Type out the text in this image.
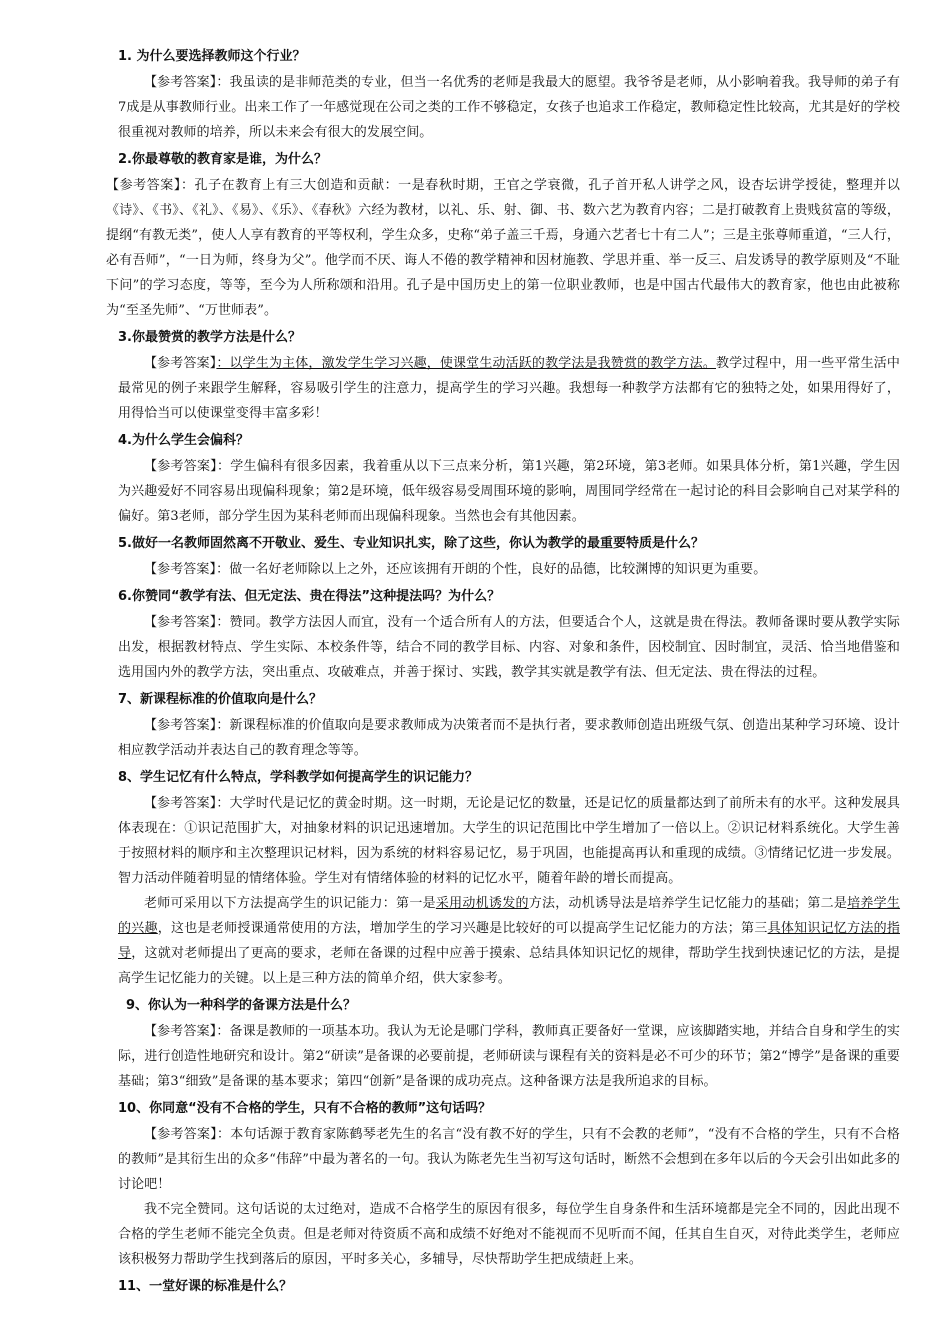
1. 为什么要选择教师这个行业？

【参考答案】：我虽读的是非师范类的专业，但当一名优秀的老师是我最大的愿望。我爷爷是老师，从小影响着我。我导师的弟子有7成是从事教师行业。出来工作了一年感觉现在公司之类的工作不够稳定，女孩子也追求工作稳定，教师稳定性比较高，尤其是好的学校很重视对教师的培养，所以未来会有很大的发展空间。

2.你最尊敬的教育家是谁，为什么？

【参考答案】：孔子在教育上有三大创造和贡献：一是春秋时期，王官之学衰微，孔子首开私人讲学之风，设杏坛讲学授徒，整理并以《诗》、《书》、《礼》、《易》、《乐》、《春秋》六经为教材，以礼、乐、射、御、书、数六艺为教育内容；二是打破教育上贵贱贫富的等级，提纲“有教无类”，使人人享有教育的平等权利，学生众多，史称“弟子盖三千焉，身通六艺者七十有二人”；三是主张尊师重道，“三人行，必有吾师”，“一日为师，终身为父”。他学而不厌、诲人不倦的教学精神和因材施教、学思并重、举一反三、启发诱导的教学原则及“不耻下问”的学习态度，等等，至今为人所称颂和沿用。孔子是中国历史上的第一位职业教师，也是中国古代最伟大的教育家，他也由此被称为“至圣先师”、“万世师表”。

3.你最赞赏的教学方法是什么？

【参考答案】：以学生为主体，激发学生学习兴趣，使课堂生动活跃的教学法是我赞赏的教学方法。教学过程中，用一些平常生活中最常见的例子来跟学生解释，容易吸引学生的注意力，提高学生的学习兴趣。我想每一种教学方法都有它的独特之处，如果用得好了，用得恰当可以使课堂变得丰富多彩！

4.为什么学生会偏科？

【参考答案】：学生偏科有很多因素，我着重从以下三点来分析，第1兴趣，第2环境，第3老师。如果具体分析，第1兴趣，学生因为兴趣爱好不同容易出现偏科现象；第2是环境，低年级容易受周围环境的影响，周围同学经常在一起讨论的科目会影响自己对某学科的偏好。第3老师，部分学生因为某科老师而出现偏科现象。当然也会有其他因素。

5.做好一名教师固然离不开敬业、爱生、专业知识扎实，除了这些，你认为教学的最重要特质是什么？

【参考答案】：做一名好老师除以上之外，还应该拥有开朗的个性，良好的品德，比较渊博的知识更为重要。

6.你赞同“教学有法、但无定法、贵在得法”这种提法吗？为什么？

【参考答案】：赞同。教学方法因人而宜，没有一个适合所有人的方法，但要适合个人，这就是贵在得法。教师备课时要从教学实际出发，根据教材特点、学生实际、本校条件等，结合不同的教学目标、内容、对象和条件，因校制宜、因时制宜，灵活、恰当地借鉴和选用国内外的教学方法，突出重点、攻破难点，并善于探讨、实践，教学其实就是教学有法、但无定法、贵在得法的过程。

7、新课程标准的价值取向是什么？

【参考答案】：新课程标准的价值取向是要求教师成为决策者而不是执行者，要求教师创造出班级气氛、创造出某种学习环境、设计相应教学活动并表达自己的教育理念等等。

8、学生记忆有什么特点，学科教学如何提高学生的识记能力？

【参考答案】：大学时代是记忆的黄金时期。这一时期，无论是记忆的数量，还是记忆的质量都达到了前所未有的水平。这种发展具体表现在：①识记范围扩大，对抽象材料的识记迅速增加。大学生的识记范围比中学生增加了一倍以上。②识记材料系统化。大学生善于按照材料的顺序和主次整理识记材料，因为系统的材料容易记忆，易于巩固，也能提高再认和重现的成绩。③情绪记忆进一步发展。智力活动伴随着明显的情绪体验。学生对有情绪体验的材料的记忆水平，随着年龄的增长而提高。

老师可采用以下方法提高学生的识记能力：第一是采用动机诱发的方法，动机诱导法是培养学生记忆能力的基础；第二是培养学生的兴趣，这也是老师授课通常使用的方法，增加学生的学习兴趣是比较好的可以提高学生记忆能力的方法；第三具体知识记忆方法的指导，这就对老师提出了更高的要求，老师在备课的过程中应善于摸索、总结具体知识记忆的规律，帮助学生找到快速记忆的方法，是提高学生记忆能力的关键。以上是三种方法的简单介绍，供大家参考。

9、你认为一种科学的备课方法是什么？

【参考答案】：备课是教师的一项基本功。我认为无论是哪门学科，教师真正要备好一堂课，应该脚踏实地，并结合自身和学生的实际，进行创造性地研究和设计。第2“研读”是备课的必要前提，老师研读与课程有关的资料是必不可少的环节；第2“博学”是备课的重要基础；第3“细致”是备课的基本要求；第四“创新”是备课的成功亮点。这种备课方法是我所追求的目标。

10、你同意“没有不合格的学生，只有不合格的教师”这句话吗？

【参考答案】：本句话源于教育家陈鹤琴老先生的名言“没有教不好的学生，只有不会教的老师”，“没有不合格的学生，只有不合格的教师”是其衍生出的众多“伟辞”中最为著名的一句。我认为陈老先生当初写这句话时，断然不会想到在多年以后的今天会引出如此多的讨论吧！

我不完全赞同。这句话说的太过绝对，造成不合格学生的原因有很多，每位学生自身条件和生活环境都是完全不同的，因此出现不合格的学生老师不能完全负责。但是老师对待资质不高和成绩不好绝对不能视而不见听而不闻，任其自生自灭，对待此类学生，老师应该积极努力帮助学生找到落后的原因，平时多关心，多辅导，尽快帮助学生把成绩赶上来。

11、一堂好课的标准是什么？
